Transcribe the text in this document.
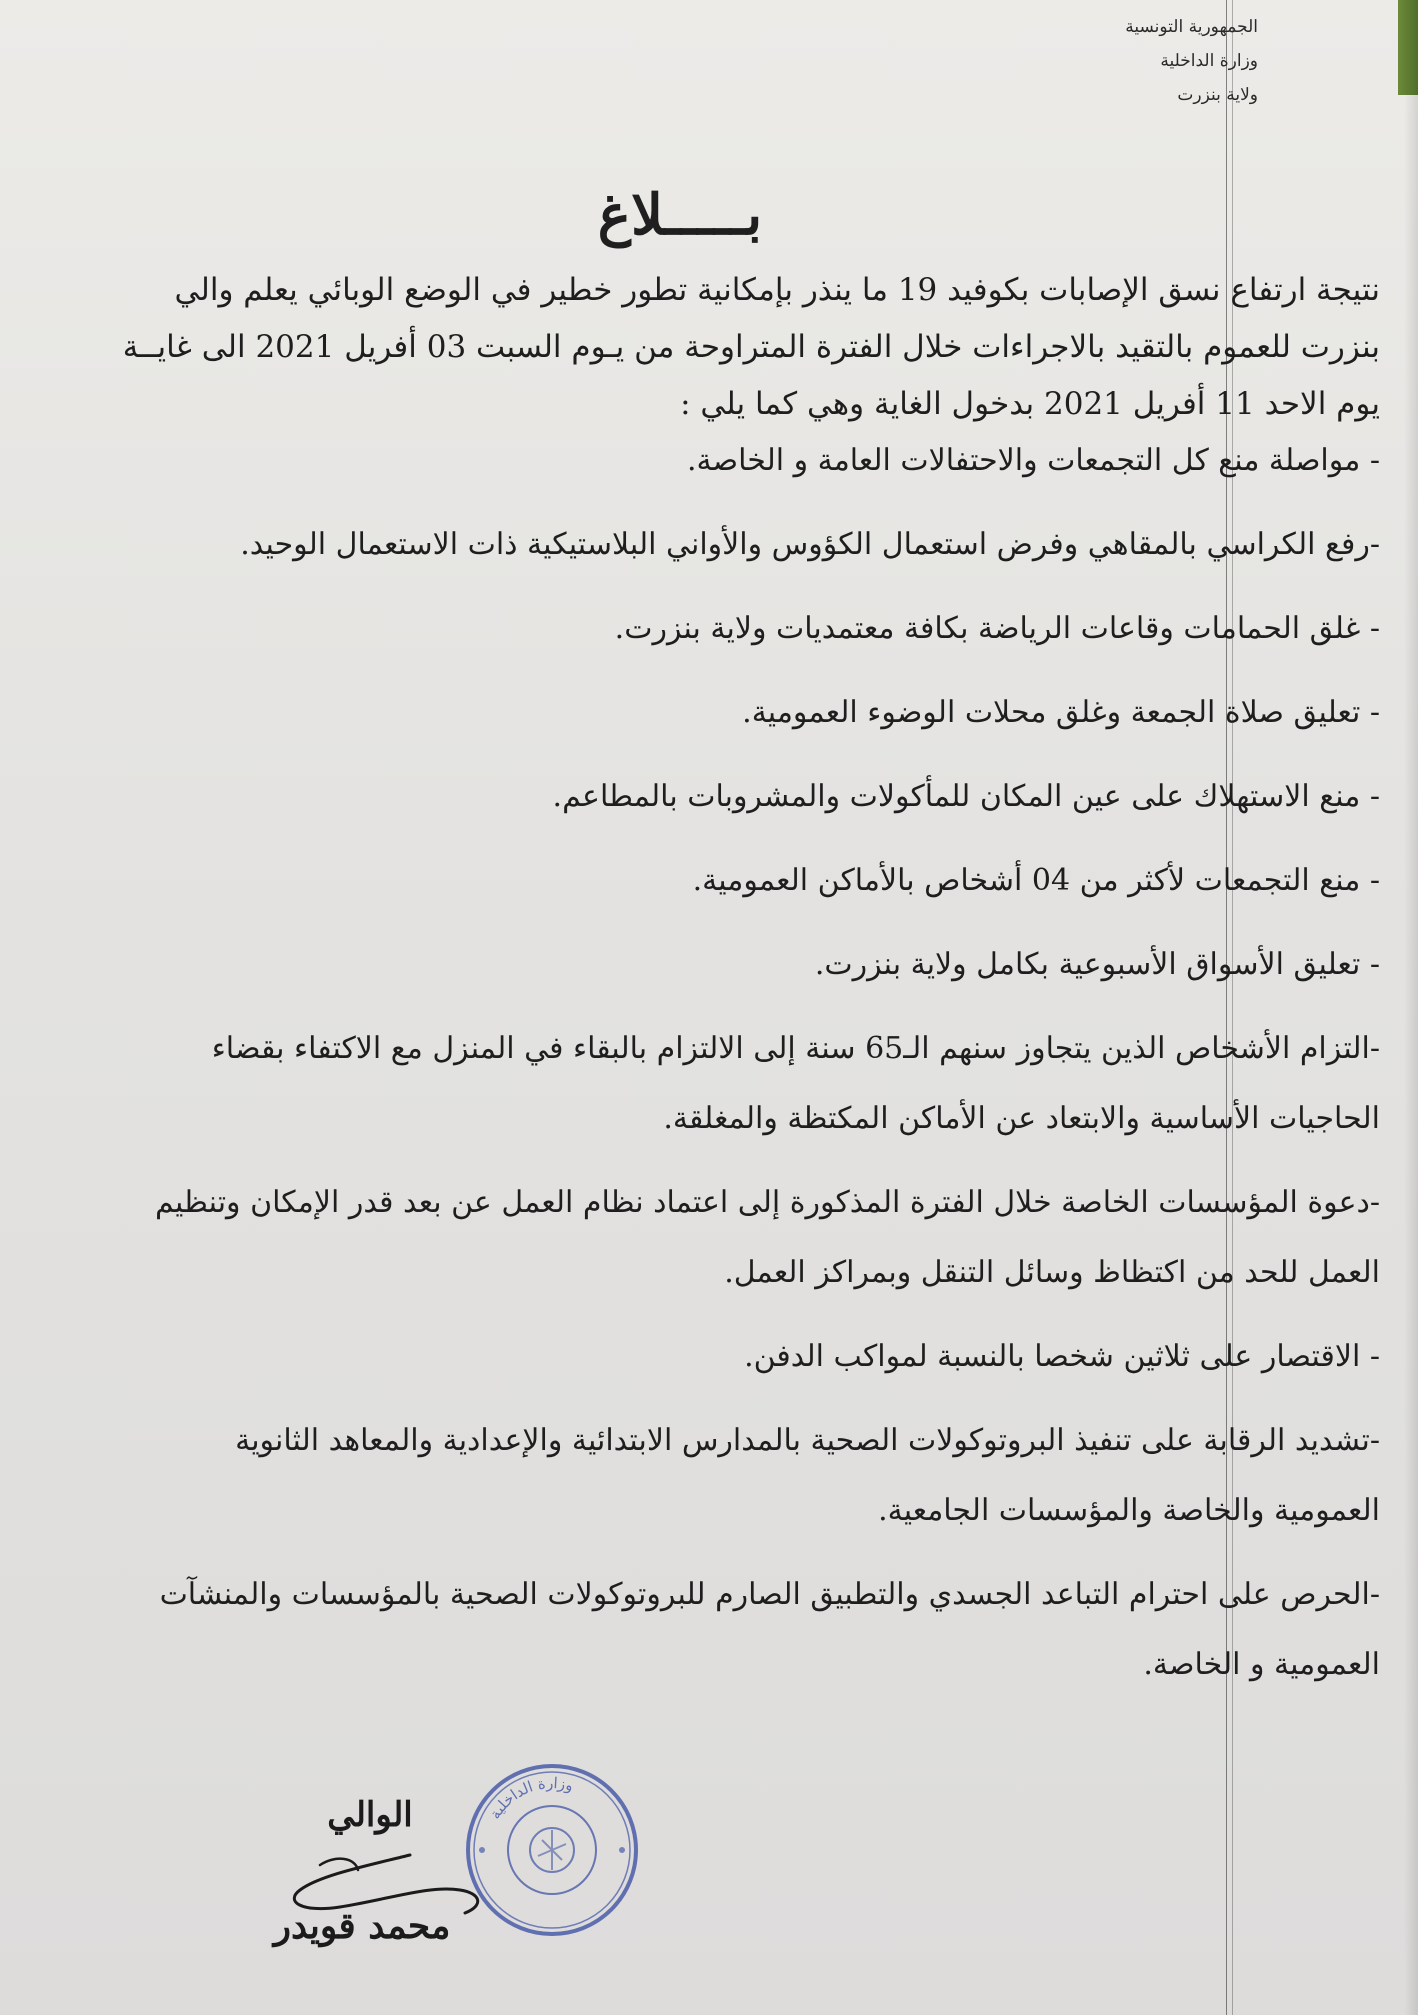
الجمهورية التونسية
وزارة الداخلية
ولاية بنزرت
بـــــلاغ
نتيجة ارتفاع نسق الإصابات بكوفيد 19 ما ينذر بإمكانية تطور خطير في الوضع الوبائي يعلم والي
بنزرت للعموم بالتقيد بالاجراءات خلال الفترة المتراوحة من يـوم السبت 03 أفريل 2021 الى غايــة
يوم الاحد 11 أفريل 2021 بدخول الغاية وهي كما يلي :
- مواصلة منع كل التجمعات والاحتفالات العامة و الخاصة.
-رفع الكراسي بالمقاهي وفرض استعمال الكؤوس والأواني البلاستيكية ذات الاستعمال الوحيد.
- غلق الحمامات وقاعات الرياضة بكافة معتمديات ولاية بنزرت.
- تعليق صلاة الجمعة وغلق محلات الوضوء العمومية.
- منع الاستهلاك على عين المكان للمأكولات والمشروبات بالمطاعم.
- منع التجمعات لأكثر من 04 أشخاص بالأماكن العمومية.
- تعليق الأسواق الأسبوعية بكامل ولاية بنزرت.
-التزام الأشخاص الذين يتجاوز سنهم الـ65 سنة إلى الالتزام بالبقاء في المنزل مع الاكتفاء بقضاء
الحاجيات الأساسية والابتعاد عن الأماكن المكتظة والمغلقة.
-دعوة المؤسسات الخاصة خلال الفترة المذكورة إلى اعتماد نظام العمل عن بعد قدر الإمكان وتنظيم
العمل للحد من اكتظاظ وسائل التنقل وبمراكز العمل.
- الاقتصار على ثلاثين شخصا بالنسبة لمواكب الدفن.
-تشديد الرقابة على تنفيذ البروتوكولات الصحية بالمدارس الابتدائية والإعدادية والمعاهد الثانوية
العمومية والخاصة والمؤسسات الجامعية.
-الحرص على احترام التباعد الجسدي والتطبيق الصارم للبروتوكولات الصحية بالمؤسسات والمنشآت
العمومية و الخاصة.
وزارة الداخلية
الوالي
محمد قويدر
